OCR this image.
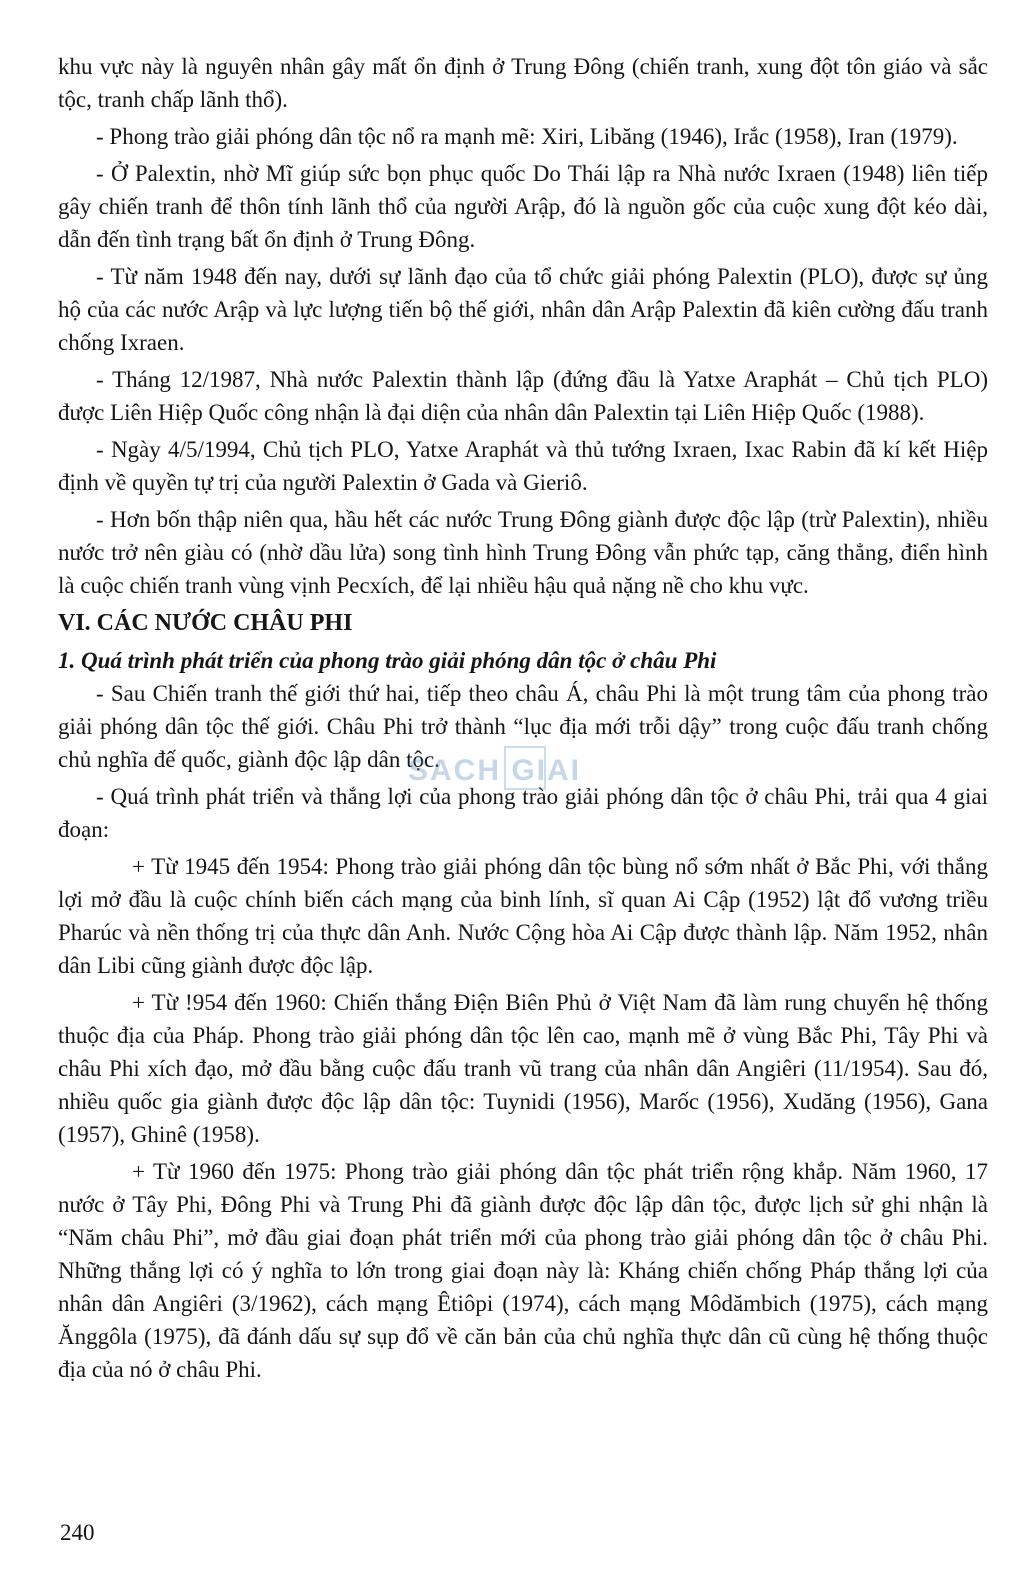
khu vực này là nguyên nhân gây mất ổn định ở Trung Đông (chiến tranh, xung đột tôn giáo và sắc tộc, tranh chấp lãnh thổ).

- Phong trào giải phóng dân tộc nổ ra mạnh mẽ: Xiri, Libăng (1946), Irắc (1958), Iran (1979).

- Ở Palextin, nhờ Mĩ giúp sức bọn phục quốc Do Thái lập ra Nhà nước Ixraen (1948) liên tiếp gây chiến tranh để thôn tính lãnh thổ của người Arập, đó là nguồn gốc của cuộc xung đột kéo dài, dẫn đến tình trạng bất ổn định ở Trung Đông.

- Từ năm 1948 đến nay, dưới sự lãnh đạo của tổ chức giải phóng Palextin (PLO), được sự ủng hộ của các nước Arập và lực lượng tiến bộ thế giới, nhân dân Arập Palextin đã kiên cường đấu tranh chống Ixraen.

- Tháng 12/1987, Nhà nước Palextin thành lập (đứng đầu là Yatxe Araphát – Chủ tịch PLO) được Liên Hiệp Quốc công nhận là đại diện của nhân dân Palextin tại Liên Hiệp Quốc (1988).

- Ngày 4/5/1994, Chủ tịch PLO, Yatxe Araphát và thủ tướng Ixraen, Ixac Rabin đã kí kết Hiệp định về quyền tự trị của người Palextin ở Gada và Gieriô.

- Hơn bốn thập niên qua, hầu hết các nước Trung Đông giành được độc lập (trừ Palextin), nhiều nước trở nên giàu có (nhờ dầu lửa) song tình hình Trung Đông vẫn phức tạp, căng thẳng, điển hình là cuộc chiến tranh vùng vịnh Pecxích, để lại nhiều hậu quả nặng nề cho khu vực.

VI. CÁC NƯỚC CHÂU PHI
1. Quá trình phát triển của phong trào giải phóng dân tộc ở châu Phi

- Sau Chiến tranh thế giới thứ hai, tiếp theo châu Á, châu Phi là một trung tâm của phong trào giải phóng dân tộc thế giới. Châu Phi trở thành “lục địa mới trỗi dậy” trong cuộc đấu tranh chống chủ nghĩa đế quốc, giành độc lập dân tộc.

- Quá trình phát triển và thắng lợi của phong trào giải phóng dân tộc ở châu Phi, trải qua 4 giai đoạn:

+ Từ 1945 đến 1954: Phong trào giải phóng dân tộc bùng nổ sớm nhất ở Bắc Phi, với thắng lợi mở đầu là cuộc chính biến cách mạng của binh lính, sĩ quan Ai Cập (1952) lật đổ vương triều Pharúc và nền thống trị của thực dân Anh. Nước Cộng hòa Ai Cập được thành lập. Năm 1952, nhân dân Libi cũng giành được độc lập.

+ Từ !954 đến 1960: Chiến thắng Điện Biên Phủ ở Việt Nam đã làm rung chuyển hệ thống thuộc địa của Pháp. Phong trào giải phóng dân tộc lên cao, mạnh mẽ ở vùng Bắc Phi, Tây Phi và châu Phi xích đạo, mở đầu bằng cuộc đấu tranh vũ trang của nhân dân Angiêri (11/1954). Sau đó, nhiều quốc gia giành được độc lập dân tộc: Tuynidi (1956), Marốc (1956), Xudăng (1956), Gana (1957), Ghinê (1958).

+ Từ 1960 đến 1975: Phong trào giải phóng dân tộc phát triển rộng khắp. Năm 1960, 17 nước ở Tây Phi, Đông Phi và Trung Phi đã giành được độc lập dân tộc, được lịch sử ghi nhận là “Năm châu Phi”, mở đầu giai đoạn phát triển mới của phong trào giải phóng dân tộc ở châu Phi. Những thắng lợi có ý nghĩa to lớn trong giai đoạn này là: Kháng chiến chống Pháp thắng lợi của nhân dân Angiêri (3/1962), cách mạng Êtiôpi (1974), cách mạng Môdămbich (1975), cách mạng Ănggôla (1975), đã đánh dấu sự sụp đổ về căn bản của chủ nghĩa thực dân cũ cùng hệ thống thuộc địa của nó ở châu Phi.

SACH GIAI
240
